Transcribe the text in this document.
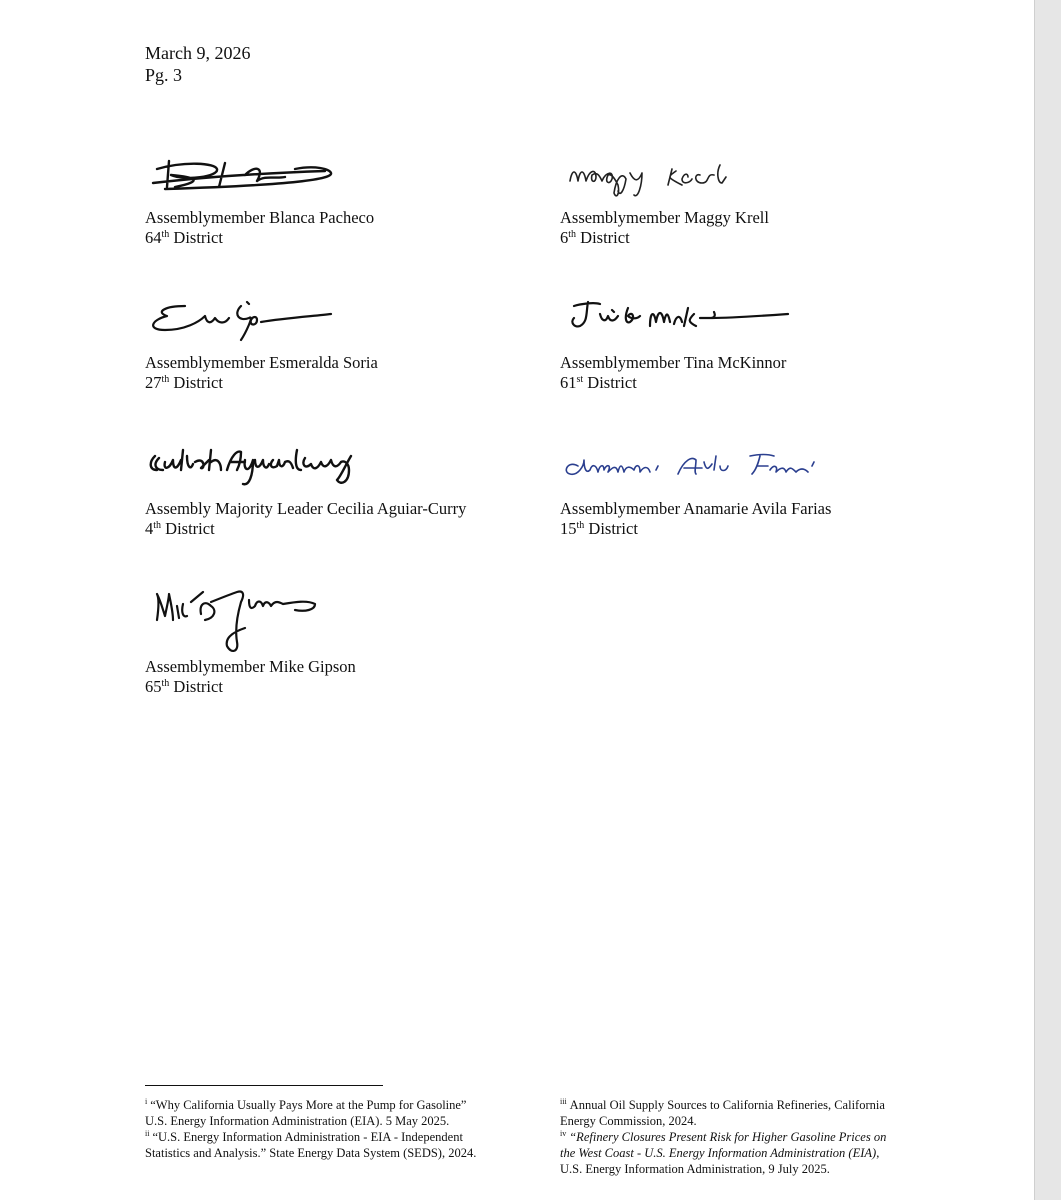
March 9, 2026
Pg. 3
Assemblymember Blanca Pacheco
64th District
Assemblymember Maggy Krell
6th District
Assemblymember Esmeralda Soria
27th District
Assemblymember Tina McKinnor
61st District
Assembly Majority Leader Cecilia Aguiar-Curry
4th District
Assemblymember Anamarie Avila Farias
15th District
Assemblymember Mike Gipson
65th District

$^i$ “Why California Usually Pays More at the Pump for Gasoline”
U.S. Energy Information Administration (EIA). 5 May 2025.

$^{ii}$ “U.S. Energy Information Administration - EIA - Independent
Statistics and Analysis.” State Energy Data System (SEDS), 2024.

$^{iii}$ Annual Oil Supply Sources to California Refineries, California
Energy Commission, 2024.

$^{iv}$ “Refinery Closures Present Risk for Higher Gasoline Prices on
the West Coast - U.S. Energy Information Administration (EIA),
U.S. Energy Information Administration, 9 July 2025.
